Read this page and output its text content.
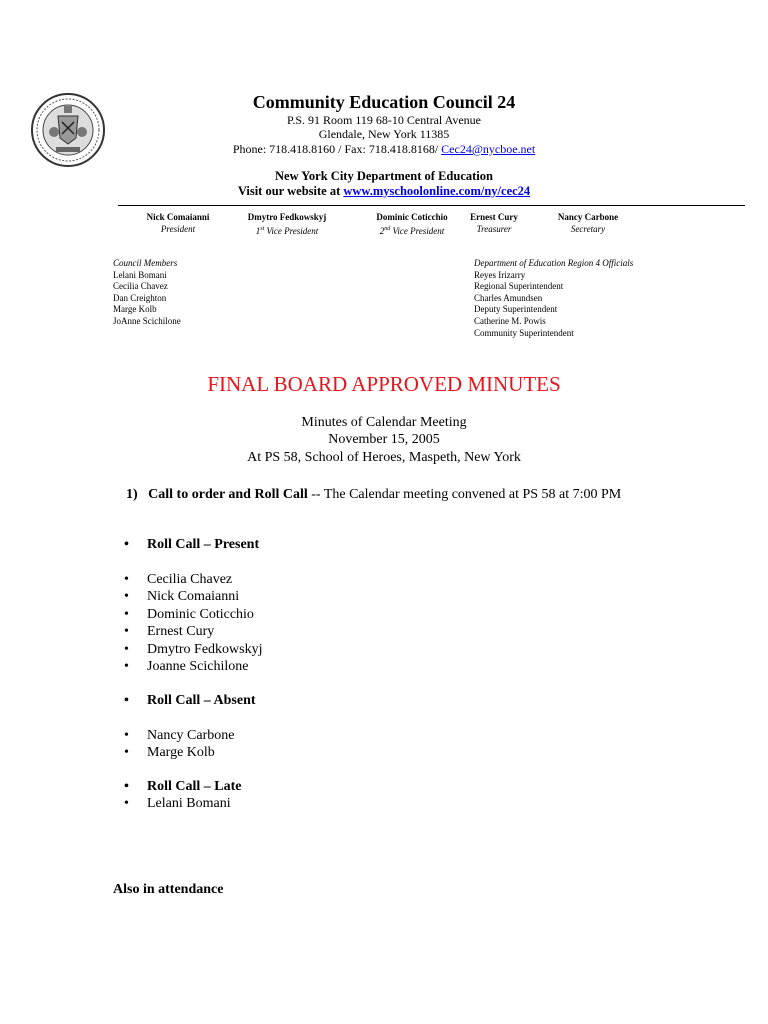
Community Education Council 24
P.S. 91 Room 119 68-10 Central Avenue
Glendale, New York 11385
Phone: 718.418.8160 / Fax: 718.418.8168/ Cec24@nycboe.net
New York City Department of Education
Visit our website at www.myschoolonline.com/ny/cec24
Nick Comaianni
President
Dmytro Fedkowskyj
1st Vice President
Dominic Coticchio
2nd Vice President
Ernest Cury
Treasurer
Nancy Carbone
Secretary
Council Members
Lelani Bomani
Cecilia Chavez
Dan Creighton
Marge Kolb
JoAnne Scichilone
Department of Education Region 4 Officials
Reyes Irizarry
Regional Superintendent
Charles Amundsen
Deputy Superintendent
Catherine M. Powis
Community Superintendent
FINAL BOARD APPROVED MINUTES
Minutes of Calendar Meeting
November 15, 2005
At PS 58, School of Heroes, Maspeth, New York
1) Call to order and Roll Call -- The Calendar meeting convened at PS 58 at 7:00 PM
• Roll Call – Present
• Cecilia Chavez
• Nick Comaianni
• Dominic Coticchio
• Ernest Cury
• Dmytro Fedkowskyj
• Joanne Scichilone
• Roll Call – Absent
• Nancy Carbone
• Marge Kolb
• Roll Call – Late
• Lelani Bomani
Also in attendance
